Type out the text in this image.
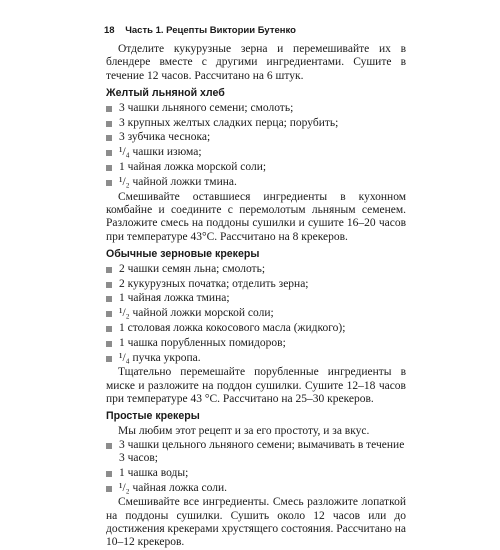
18 Часть 1. Рецепты Виктории Бутенко

Отделите кукурузные зерна и перемешивайте их в блендере вместе с другими ингредиентами. Сушите в течение 12 часов. Рассчитано на 6 штук.

Желтый льняной хлеб
3 чашки льняного семени; смолоть;
3 крупных желтых сладких перца; порубить;
3 зубчика чеснока;
¹/₄ чашки изюма;
1 чайная ложка морской соли;
¹/₂ чайной ложки тмина.

Смешивайте оставшиеся ингредиенты в кухонном комбайне и соедините с перемолотым льняным семенем. Разложите смесь на поддоны сушилки и сушите 16–20 часов при температуре 43°С. Рассчитано на 8 крекеров.

Обычные зерновые крекеры
2 чашки семян льна; смолоть;
2 кукурузных початка; отделить зерна;
1 чайная ложка тмина;
¹/₂ чайной ложки морской соли;
1 столовая ложка кокосового масла (жидкого);
1 чашка порубленных помидоров;
¹/₄ пучка укропа.

Тщательно перемешайте порубленные ингредиенты в миске и разложите на поддон сушилки. Сушите 12–18 часов при температуре 43 °С. Рассчитано на 25–30 крекеров.

Простые крекеры

Мы любим этот рецепт и за его простоту, и за вкус.

3 чашки цельного льняного семени; вымачивать в течение 3 часов;
1 чашка воды;
¹/₂ чайная ложка соли.

Смешивайте все ингредиенты. Смесь разложите лопаткой на поддоны сушилки. Сушить около 12 часов или до достижения крекерами хрустящего состояния. Рассчитано на 10–12 крекеров.
